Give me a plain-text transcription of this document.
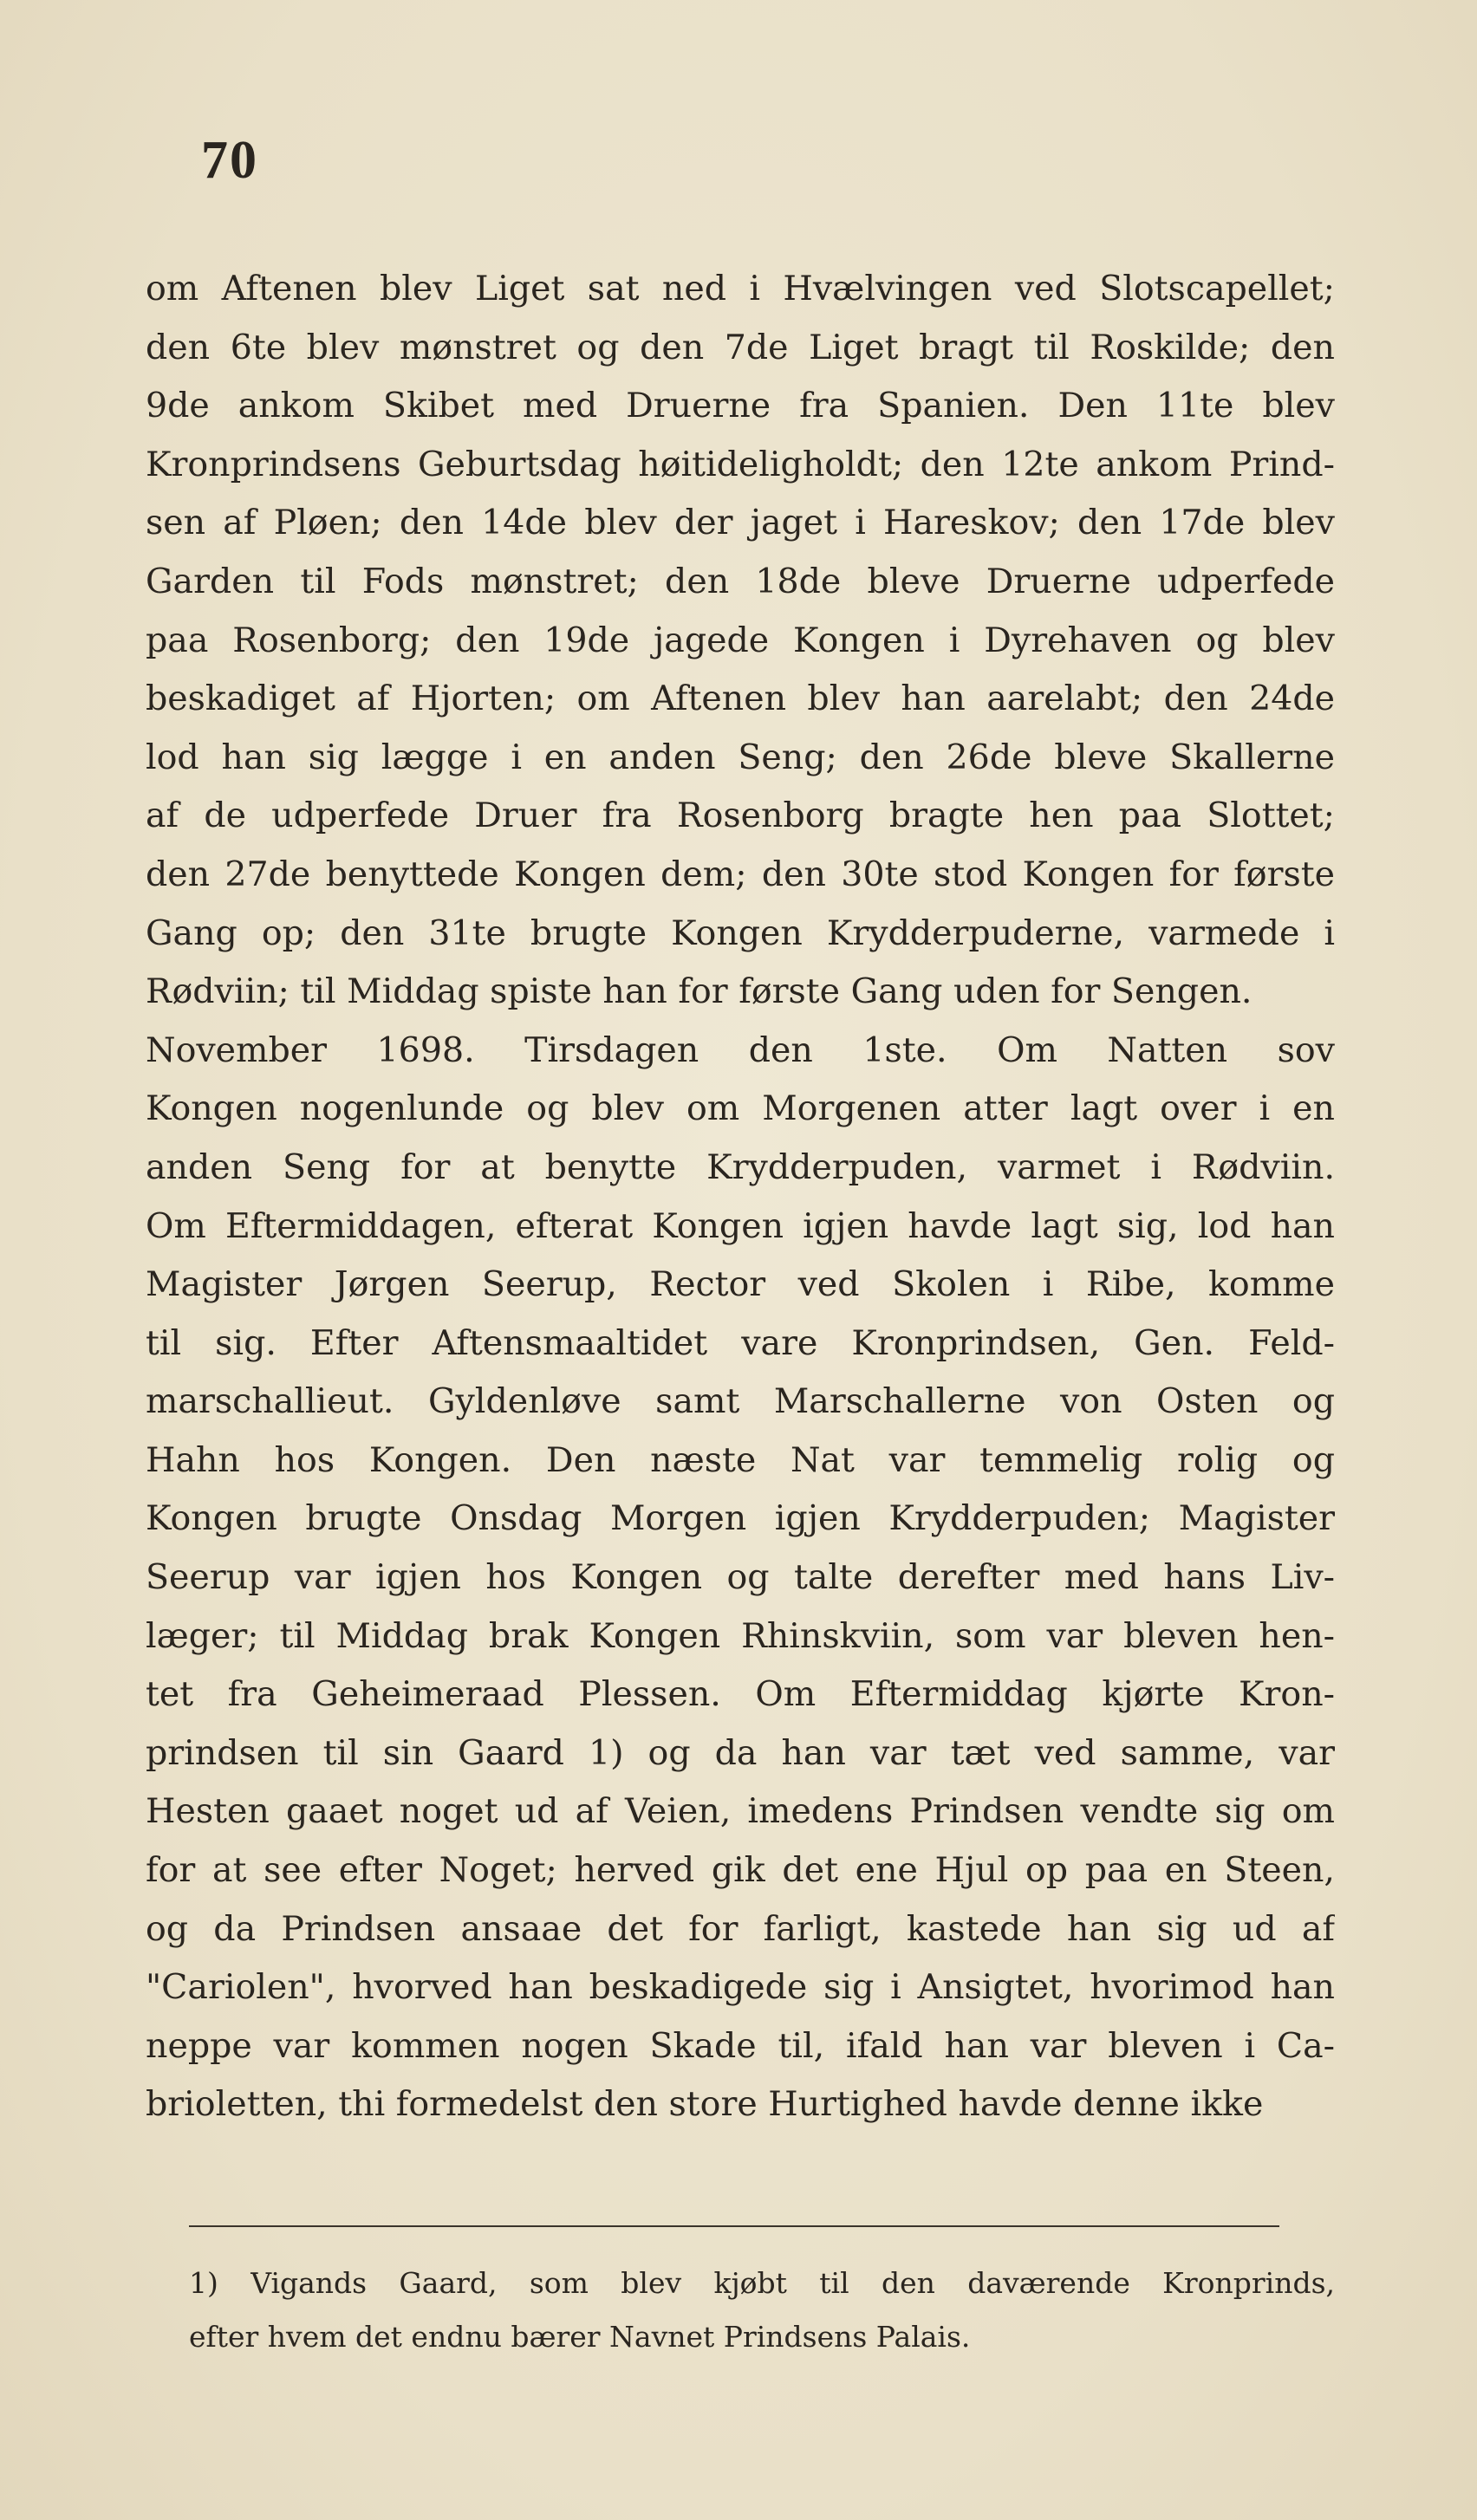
70
om Aftenen blev Liget sat ned i Hvælvingen ved Slotscapellet;
den 6te blev mønstret og den 7de Liget bragt til Roskilde; den
9de ankom Skibet med Druerne fra Spanien. Den 11te blev
Kronprindsens Geburtsdag høitideligholdt; den 12te ankom Prind-
sen af Pløen; den 14de blev der jaget i Hareskov; den 17de blev
Garden til Fods mønstret; den 18de bleve Druerne udperfede
paa Rosenborg; den 19de jagede Kongen i Dyrehaven og blev
beskadiget af Hjorten; om Aftenen blev han aarelabt; den 24de
lod han sig lægge i en anden Seng; den 26de bleve Skallerne
af de udperfede Druer fra Rosenborg bragte hen paa Slottet;
den 27de benyttede Kongen dem; den 30te stod Kongen for første
Gang op; den 31te brugte Kongen Krydderpuderne, varmede i
Rødviin; til Middag spiste han for første Gang uden for Sengen.
November 1698. Tirsdagen den 1ste. Om Natten sov
Kongen nogenlunde og blev om Morgenen atter lagt over i en
anden Seng for at benytte Krydderpuden, varmet i Rødviin.
Om Eftermiddagen, efterat Kongen igjen havde lagt sig, lod han
Magister Jørgen Seerup, Rector ved Skolen i Ribe, komme
til sig. Efter Aftensmaaltidet vare Kronprindsen, Gen. Feld-
marschallieut. Gyldenløve samt Marschallerne von Osten og
Hahn hos Kongen. Den næste Nat var temmelig rolig og
Kongen brugte Onsdag Morgen igjen Krydderpuden; Magister
Seerup var igjen hos Kongen og talte derefter med hans Liv-
læger; til Middag brak Kongen Rhinskviin, som var bleven hen-
tet fra Geheimeraad Plessen. Om Eftermiddag kjørte Kron-
prindsen til sin Gaard 1) og da han var tæt ved samme, var
Hesten gaaet noget ud af Veien, imedens Prindsen vendte sig om
for at see efter Noget; herved gik det ene Hjul op paa en Steen,
og da Prindsen ansaae det for farligt, kastede han sig ud af
"Cariolen", hvorved han beskadigede sig i Ansigtet, hvorimod han
neppe var kommen nogen Skade til, ifald han var bleven i Ca-
brioletten, thi formedelst den store Hurtighed havde denne ikke
1) Vigands Gaard, som blev kjøbt til den daværende Kronprinds,
efter hvem det endnu bærer Navnet Prindsens Palais.
